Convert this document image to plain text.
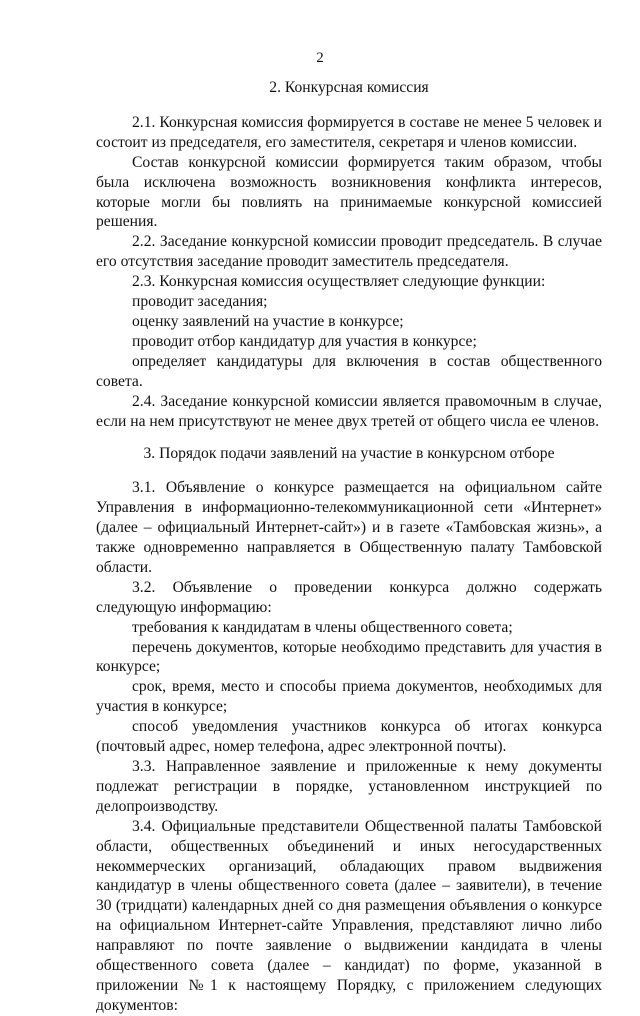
2
2. Конкурсная комиссия

2.1. Конкурсная комиссия формируется в составе не менее 5 человек и состоит из председателя, его заместителя, секретаря и членов комиссии.

Состав конкурсной комиссии формируется таким образом, чтобы была исключена возможность возникновения конфликта интересов, которые могли бы повлиять на принимаемые конкурсной комиссией решения.

2.2. Заседание конкурсной комиссии проводит председатель. В случае его отсутствия заседание проводит заместитель председателя.

2.3. Конкурсная комиссия осуществляет следующие функции:

проводит заседания;

оценку заявлений на участие в конкурсе;

проводит отбор кандидатур для участия в конкурсе;

определяет кандидатуры для включения в состав общественного совета.

2.4. Заседание конкурсной комиссии является правомочным в случае, если на нем присутствуют не менее двух третей от общего числа ее членов.

3. Порядок подачи заявлений на участие в конкурсном отборе

3.1. Объявление о конкурсе размещается на официальном сайте Управления в информационно-телекоммуникационной сети «Интернет» (далее – официальный Интернет-сайт») и в газете «Тамбовская жизнь», а также одновременно направляется в Общественную палату Тамбовской области.

3.2. Объявление о проведении конкурса должно содержать следующую информацию:

требования к кандидатам в члены общественного совета;

перечень документов, которые необходимо представить для участия в конкурсе;

срок, время, место и способы приема документов, необходимых для участия в конкурсе;

способ уведомления участников конкурса об итогах конкурса (почтовый адрес, номер телефона, адрес электронной почты).

3.3. Направленное заявление и приложенные к нему документы подлежат регистрации в порядке, установленном инструкцией по делопроизводству.

3.4. Официальные представители Общественной палаты Тамбовской области, общественных объединений и иных негосударственных некоммерческих организаций, обладающих правом выдвижения кандидатур в члены общественного совета (далее – заявители), в течение 30 (тридцати) календарных дней со дня размещения объявления о конкурсе на официальном Интернет-сайте Управления, представляют лично либо направляют по почте заявление о выдвижении кандидата в члены общественного совета (далее – кандидат) по форме, указанной в приложении №1 к настоящему Порядку, с приложением следующих документов:
